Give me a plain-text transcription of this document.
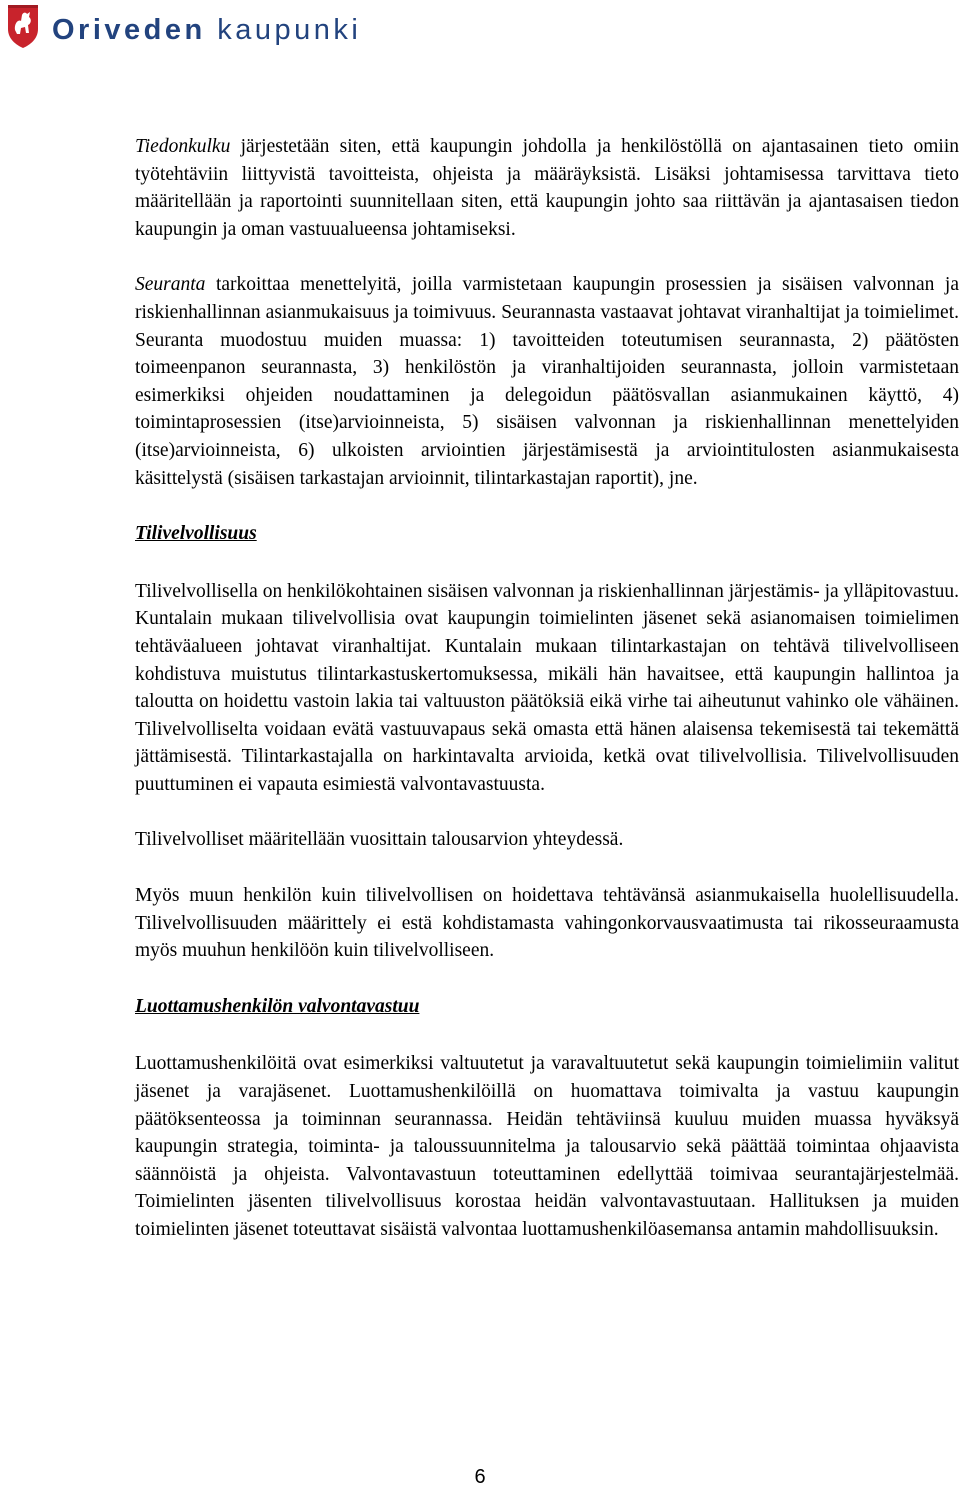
Oriveden kaupunki

Tiedonkulku järjestetään siten, että kaupungin johdolla ja henkilöstöllä on ajantasainen tieto omiin työtehtäviin liittyvistä tavoitteista, ohjeista ja määräyksistä. Lisäksi johtamisessa tarvittava tieto määritellään ja raportointi suunnitellaan siten, että kaupungin johto saa riittävän ja ajantasaisen tiedon kaupungin ja oman vastuualueensa johtamiseksi.

Seuranta tarkoittaa menettelyitä, joilla varmistetaan kaupungin prosessien ja sisäisen valvonnan ja riskienhallinnan asianmukaisuus ja toimivuus. Seurannasta vastaavat johtavat viranhaltijat ja toimielimet. Seuranta muodostuu muiden muassa: 1) tavoitteiden toteutumisen seurannasta, 2) päätösten toimeenpanon seurannasta, 3) henkilöstön ja viranhaltijoiden seurannasta, jolloin varmistetaan esimerkiksi ohjeiden noudattaminen ja delegoidun päätösvallan asianmukainen käyttö, 4) toimintaprosessien (itse)arvioinneista, 5) sisäisen valvonnan ja riskienhallinnan menettelyiden (itse)arvioinneista, 6) ulkoisten arviointien järjestämisestä ja arviointitulosten asianmukaisesta käsittelystä (sisäisen tarkastajan arvioinnit, tilintarkastajan raportit), jne.

Tilivelvollisuus

Tilivelvollisella on henkilökohtainen sisäisen valvonnan ja riskienhallinnan järjestämis- ja ylläpitovastuu. Kuntalain mukaan tilivelvollisia ovat kaupungin toimielinten jäsenet sekä asianomaisen toimielimen tehtäväalueen johtavat viranhaltijat. Kuntalain mukaan tilintarkastajan on tehtävä tilivelvolliseen kohdistuva muistutus tilintarkastuskertomuksessa, mikäli hän havaitsee, että kaupungin hallintoa ja taloutta on hoidettu vastoin lakia tai valtuuston päätöksiä eikä virhe tai aiheutunut vahinko ole vähäinen. Tilivelvolliselta voidaan evätä vastuuvapaus sekä omasta että hänen alaisensa tekemisestä tai tekemättä jättämisestä. Tilintarkastajalla on harkintavalta arvioida, ketkä ovat tilivelvollisia. Tilivelvollisuuden puuttuminen ei vapauta esimiestä valvontavastuusta.

Tilivelvolliset määritellään vuosittain talousarvion yhteydessä.

Myös muun henkilön kuin tilivelvollisen on hoidettava tehtävänsä asianmukaisella huolellisuudella. Tilivelvollisuuden määrittely ei estä kohdistamasta vahingonkorvausvaatimusta tai rikosseuraamusta myös muuhun henkilöön kuin tilivelvolliseen.

Luottamushenkilön valvontavastuu

Luottamushenkilöitä ovat esimerkiksi valtuutetut ja varavaltuutetut sekä kaupungin toimielimiin valitut jäsenet ja varajäsenet. Luottamushenkilöillä on huomattava toimivalta ja vastuu kaupungin päätöksenteossa ja toiminnan seurannassa. Heidän tehtäviinsä kuuluu muiden muassa hyväksyä kaupungin strategia, toiminta- ja taloussuunnitelma ja talousarvio sekä päättää toimintaa ohjaavista säännöistä ja ohjeista. Valvontavastuun toteuttaminen edellyttää toimivaa seurantajärjestelmää. Toimielinten jäsenten tilivelvollisuus korostaa heidän valvontavastuutaan. Hallituksen ja muiden toimielinten jäsenet toteuttavat sisäistä valvontaa luottamushenkilöasemansa antamin mahdollisuuksin.

6
